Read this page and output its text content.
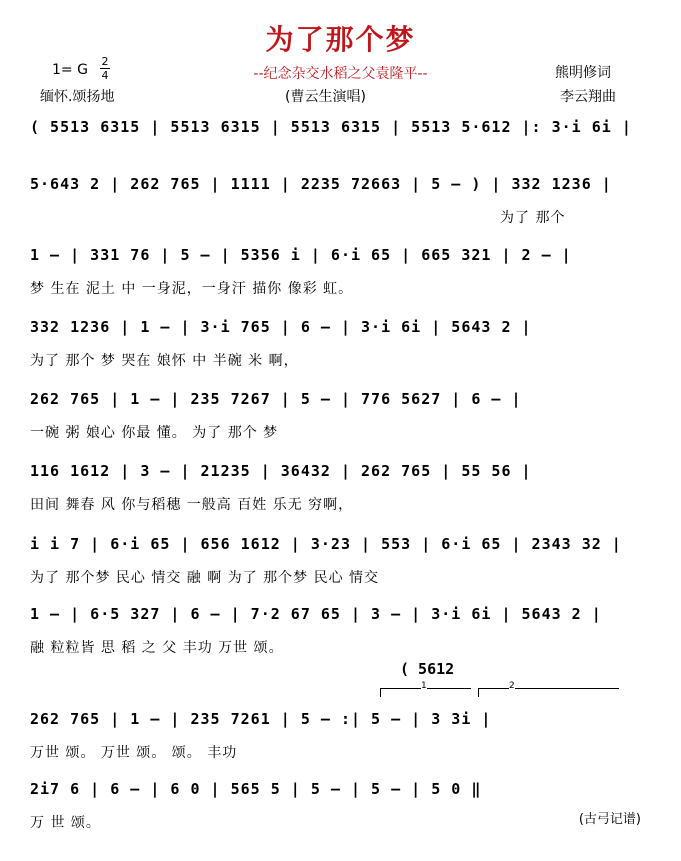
为了那个梦
--纪念杂交水稻之父袁隆平--
1= G
2
4
缅怀.颂扬地
熊明修词
李云翔曲
(曹云生演唱)
( 5513 6315 | 5513 6315 | 5513 6315 | 5513 5·612 |: 3·i 6i |
5·643 2 | 262 765 | 1111 | 2235 72663 | 5 – ) | 332 1236 |
为了 那个
1 – | 331 76 | 5 – | 5356 i | 6·i 65 | 665 321 | 2 – |
梦 生在 泥土 中 一身泥，一身汗 描你 像彩 虹。
332 1236 | 1 – | 3·i 765 | 6 – | 3·i 6i | 5643 2 |
为了 那个 梦 哭在 娘怀 中 半碗 米 啊，
262 765 | 1 – | 235 7267 | 5 – | 776 5627 | 6 – |
一碗 粥 娘心 你最 懂。 为了 那个 梦
116 1612 | 3 – | 21235 | 36432 | 262 765 | 55 56 |
田间 舞春 风 你与稻穗 一般高 百姓 乐无 穷啊，
i i 7 | 6·i 65 | 656 1612 | 3·23 | 553 | 6·i 65 | 2343 32 |
为了 那个梦 民心 情交 融 啊 为了 那个梦 民心 情交
1 – | 6·5 327 | 6 – | 7·2 67 65 | 3 – | 3·i 6i | 5643 2 |
融 粒粒皆 思 稻 之 父 丰功 万世 颂。
( 5612
1	2
262 765 | 1 – | 235 7261 | 5 – :| 5 – | 3 3i |
万世 颂。 万世 颂。 颂。 丰功
2i7 6 | 6 – | 6 0 | 565 5 | 5 – | 5 – | 5 0 ‖
万 世 颂。	(古弓记谱)
